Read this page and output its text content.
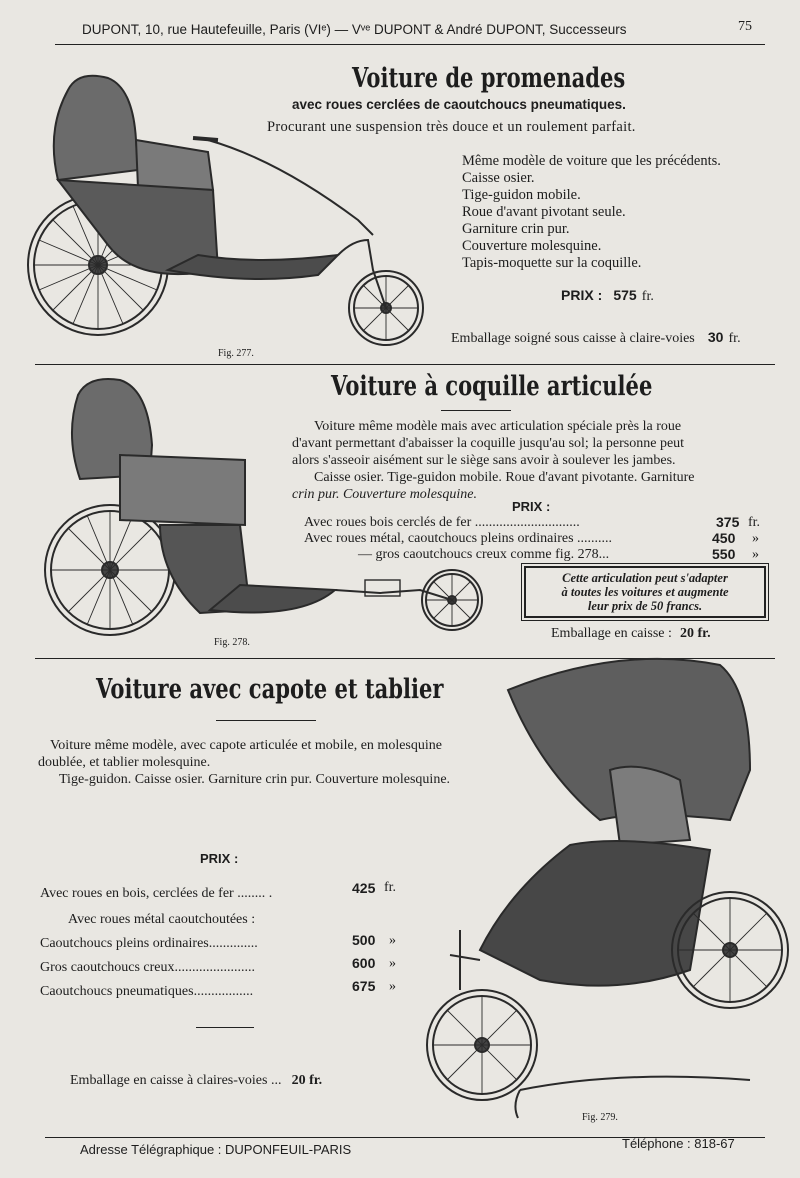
DUPONT, 10, rue Hautefeuille, Paris (VIᵉ) — Vᵛᵉ DUPONT & André DUPONT, Successeurs	75
Voiture de promenades
avec roues cerclées de caoutchoucs pneumatiques.
Procurant une suspension très douce et un roulement parfait.
Même modèle de voiture que les précédents.
Caisse osier.
Tige-guidon mobile.
Roue d'avant pivotant seule.
Garniture crin pur.
Couverture molesquine.
Tapis-moquette sur la coquille.
PRIX : 575 fr.
Emballage soigné sous caisse à claire-voies 30 fr.
Fig. 277.
Voiture à coquille articulée
Voiture même modèle mais avec articulation spéciale près la roue
d'avant permettant d'abaisser la coquille jusqu'au sol; la personne peut
alors s'asseoir aisément sur le siège sans avoir à soulever les jambes.
Caisse osier. Tige-guidon mobile. Roue d'avant pivotante. Garniture
crin pur. Couverture molesquine.
PRIX :
Avec roues bois cerclés de fer ..............................	375 fr.
Avec roues métal, caoutchoucs pleins ordinaires ..........	450 »
— gros caoutchoucs creux comme fig. 278...	550 »
Cette articulation peut s'adapter
à toutes les voitures et augmente
leur prix de 50 francs.
Emballage en caisse : 20 fr.
Fig. 278.
Voiture avec capote et tablier
Voiture même modèle, avec capote articulée et mobile, en molesquine
doublée, et tablier molesquine.
Tige-guidon. Caisse osier. Garniture crin pur. Couverture molesquine.
PRIX :
Avec roues en bois, cerclées de fer ........ .	425 fr.
Avec roues métal caoutchoutées :
Caoutchoucs pleins ordinaires..............	500 »
Gros caoutchoucs creux.......................	600 »
Caoutchoucs pneumatiques.................	675 »
Emballage en caisse à claires-voies ... 20 fr.
Fig. 279.
Adresse Télégraphique : DUPONFEUIL-PARIS	Téléphone : 818-67
